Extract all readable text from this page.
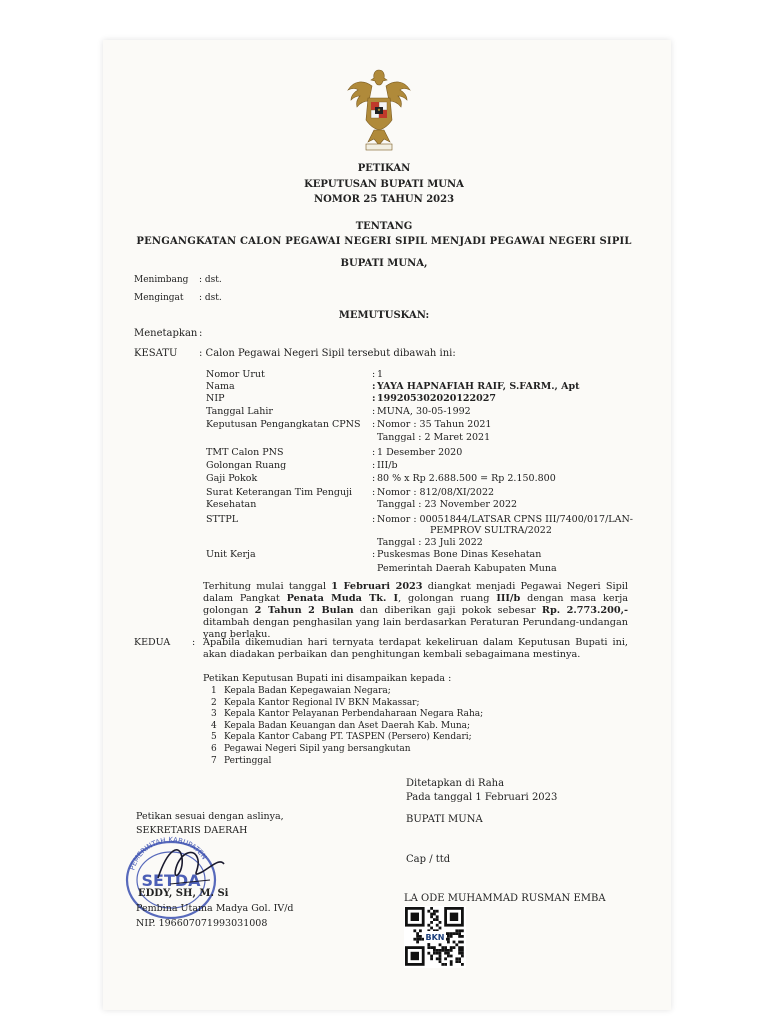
PETIKAN
KEPUTUSAN BUPATI MUNA
NOMOR 25 TAHUN 2023
TENTANG
PENGANGKATAN CALON PEGAWAI NEGERI SIPIL MENJADI PEGAWAI NEGERI SIPIL
BUPATI MUNA,
Menimbang : dst.
Mengingat : dst.
MEMUTUSKAN:
Menetapkan :
KESATU : Calon Pegawai Negeri Sipil tersebut dibawah ini:
Nomor Urut	: 1
Nama	: YAYA HAPNAFIAH RAIF, S.FARM., Apt
NIP	: 199205302020122027
Tanggal Lahir	: MUNA, 30-05-1992
Keputusan Pengangkatan CPNS : Nomor : 35 Tahun 2021
Tanggal : 2 Maret 2021
TMT Calon PNS	: 1 Desember 2020
Golongan Ruang	: III/b
Gaji Pokok	: 80 % x Rp 2.688.500 = Rp 2.150.800
Surat Keterangan Tim Penguji
Kesehatan
: Nomor : 812/08/XI/2022
Tanggal : 23 November 2022
STTPL	: Nomor : 00051844/LATSAR CPNS III/7400/017/LAN-
PEMPROV SULTRA/2022
Tanggal : 23 Juli 2022
Unit Kerja	: Puskesmas Bone Dinas Kesehatan
Pemerintah Daerah Kabupaten Muna
Terhitung mulai tanggal 1 Februari 2023 diangkat menjadi Pegawai Negeri Sipil dalam Pangkat Penata Muda Tk. I, golongan ruang III/b dengan masa kerja golongan 2 Tahun 2 Bulan dan diberikan gaji pokok sebesar Rp. 2.773.200,- ditambah dengan penghasilan yang lain berdasarkan Peraturan Perundang-undangan yang berlaku.
KEDUA : Apabila dikemudian hari ternyata terdapat kekeliruan dalam Keputusan Bupati ini, akan diadakan perbaikan dan penghitungan kembali sebagaimana mestinya.
Petikan Keputusan Bupati ini disampaikan kepada :
1 Kepala Badan Kepegawaian Negara;
2 Kepala Kantor Regional IV BKN Makassar;
3 Kepala Kantor Pelayanan Perbendaharaan Negara Raha;
4 Kepala Badan Keuangan dan Aset Daerah Kab. Muna;
5 Kepala Kantor Cabang PT. TASPEN (Persero) Kendari;
6 Pegawai Negeri Sipil yang bersangkutan
7 Pertinggal
Ditetapkan di Raha
Pada tanggal 1 Februari 2023
BUPATI MUNA
Cap / ttd
LA ODE MUHAMMAD RUSMAN EMBA
Petikan sesuai dengan aslinya,
SEKRETARIS DAERAH
PEMERINTAH KABUPATEN
SETDA
EDDY, SH, M. Si
Pembina Utama Madya Gol. IV/d
NIP. 196607071993031008
BKN
